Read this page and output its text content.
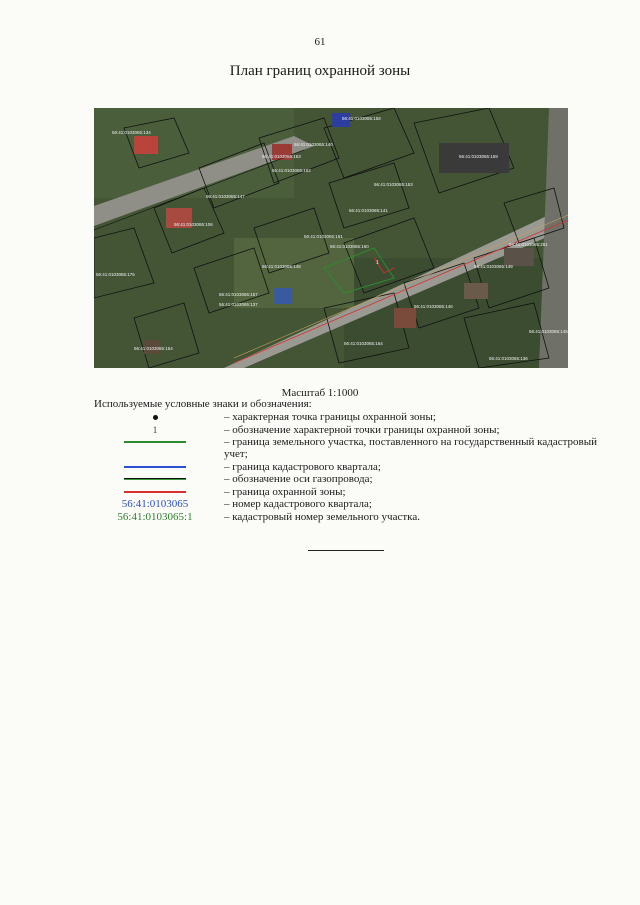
61
План границ охранной зоны
56:41:0103065:134
56:41:0103065:140
56:41:0103065:158
56:41:0103065:163
56:41:0103065:162
56:41:0103065:147
56:41:0103065:153
56:41:0103065:141
56:41:0103065:161
56:41:0103065:160
56:41:0103065:159
56:41:0103065:176
56:41:0103065:251
56:41:0103065:106
56:41:0103065:148
56:41:0103065:157
56:41:0103065:137
56:41:0103065:149
56:41:0103065:146
56:41:0103065:164
56:41:0103065:145
56:41:0103065:154
56:41:0103065:136
1
Масштаб 1:1000
Используемые условные знаки и обозначения:
– характерная точка границы охранной зоны;
1	– обозначение характерной точки границы охранной зоны;
– граница земельного участка, поставленного на государственный кадастровый учет;
– граница кадастрового квартала;
– обозначение оси газопровода;
– граница охранной зоны;
56:41:0103065	– номер кадастрового квартала;
56:41:0103065:1	– кадастровый номер земельного участка.
